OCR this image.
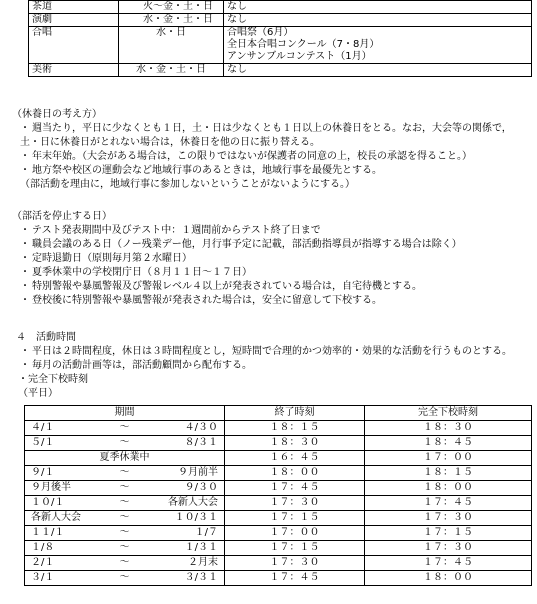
茶道	火〜金・土・日	なし

演劇	水・金・土・日	なし

合唱	水・日	合唱祭（6月）
全日本合唱コンクール（7・8月）
アンサンブルコンテスト（1月）

美術	水・金・土・日	なし
（休養日の考え方）
・ 週当たり，平日に少なくとも１日，土・日は少なくとも１日以上の休養日をとる。なお，大会等の関係で，
土・日に休養日がとれない場合は，休養日を他の日に振り替える。
・ 年末年始。（大会がある場合は，この限りではないが保護者の同意の上，校長の承認を得ること。）
・ 地方祭や校区の運動会など地域行事のあるときは，地域行事を最優先とする。
（部活動を理由に，地域行事に参加しないということがないようにする。）
（部活を停止する日）
・ テスト発表期間中及びテスト中：１週間前からテスト終了日まで
・ 職員会議のある日（ノー残業デー他，月行事予定に記載，部活動指導員が指導する場合は除く）
・ 定時退勤日（原則毎月第２水曜日）
・ 夏季休業中の学校閉庁日（８月１１日〜１７日）
・ 特別警報や暴風警報及び警報レベル４以上が発表されている場合は，自宅待機とする。
・ 登校後に特別警報や暴風警報が発表された場合は，安全に留意して下校する。
４　活動時間
・ 平日は２時間程度，休日は３時間程度とし，短時間で合理的かつ効率的・効果的な活動を行うものとする。
・ 毎月の活動計画等は，部活動顧問から配布する。
・完全下校時刻
（平日）
期間	終了時刻	完全下校時刻

４/１ 〜 ４/３０	１８：１５	１８：３０

５/１ 〜 ８/３１	１８：３０	１８：４５

夏季休業中	１６：４５	１７：００

９/１ 〜 ９月前半	１８：００	１８：１５

９月後半 〜 ９/３０	１７：４５	１８：００

１０/１ 〜 各新人大会	１７：３０	１７：４５

各新人大会 〜 １０/３１	１７：１５	１７：３０

１１/１ 〜 １/７	１７：００	１７：１５

１/８ 〜 １/３１	１７：１５	１７：３０

２/１ 〜 ２月末	１７：３０	１７：４５

３/１ 〜 ３/３１	１７：４５	１８：００
